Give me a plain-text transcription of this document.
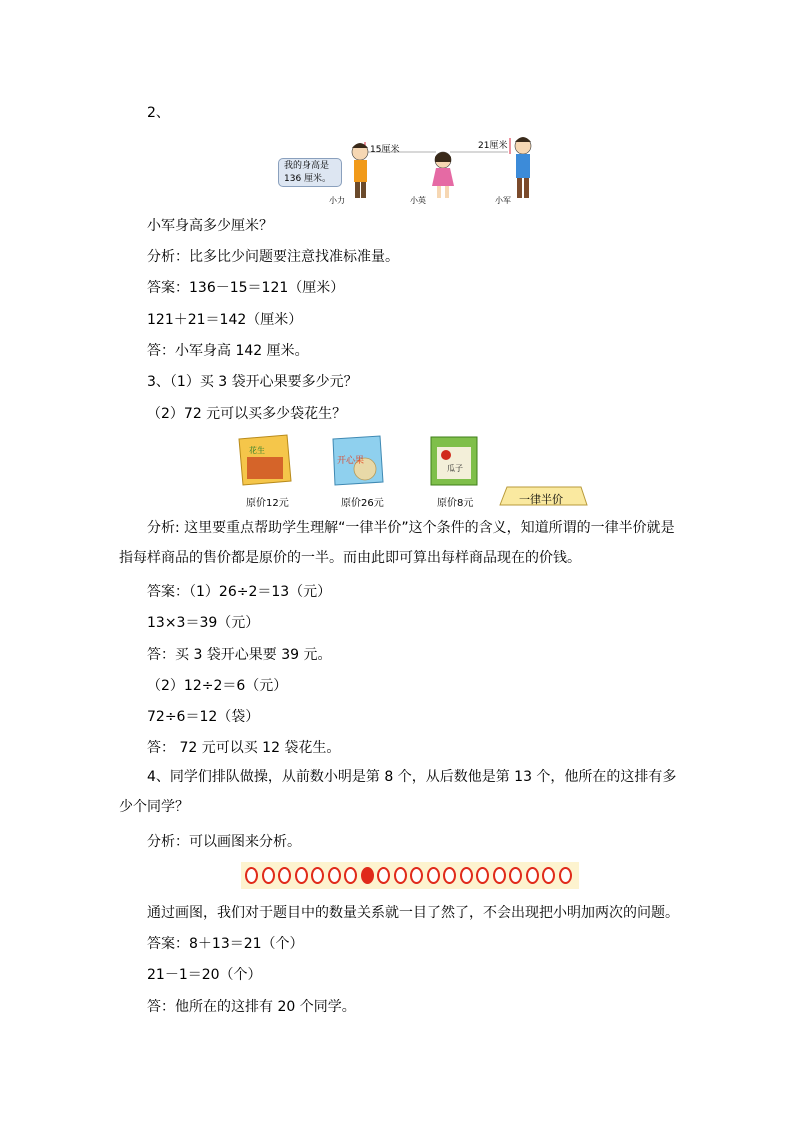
2、
我的身高是
136 厘米。
15厘米	21厘米
小力	小英	小军
小军身高多少厘米？
分析：比多比少问题要注意找准标准量。
答案：136－15＝121（厘米）
121＋21＝142（厘米）
答：小军身高 142 厘米。
3、（1）买 3 袋开心果要多少元？
（2）72 元可以买多少袋花生？
花生
开心果
瓜子
原价12元	原价26元	原价8元	一律半价
分析: 这里要重点帮助学生理解“一律半价”这个条件的含义，知道所谓的一律半价就是指每样商品的售价都是原价的一半。而由此即可算出每样商品现在的价钱。
答案：（1）26÷2＝13（元）
13×3＝39（元）
答：买 3 袋开心果要 39 元。
（2）12÷2＝6（元）
72÷6＝12（袋）
答： 72 元可以买 12 袋花生。
4、同学们排队做操，从前数小明是第 8 个，从后数他是第 13 个，他所在的这排有多少个同学？
分析：可以画图来分析。
通过画图，我们对于题目中的数量关系就一目了然了，不会出现把小明加两次的问题。
答案：8＋13＝21（个）
21－1＝20（个）
答：他所在的这排有 20 个同学。
